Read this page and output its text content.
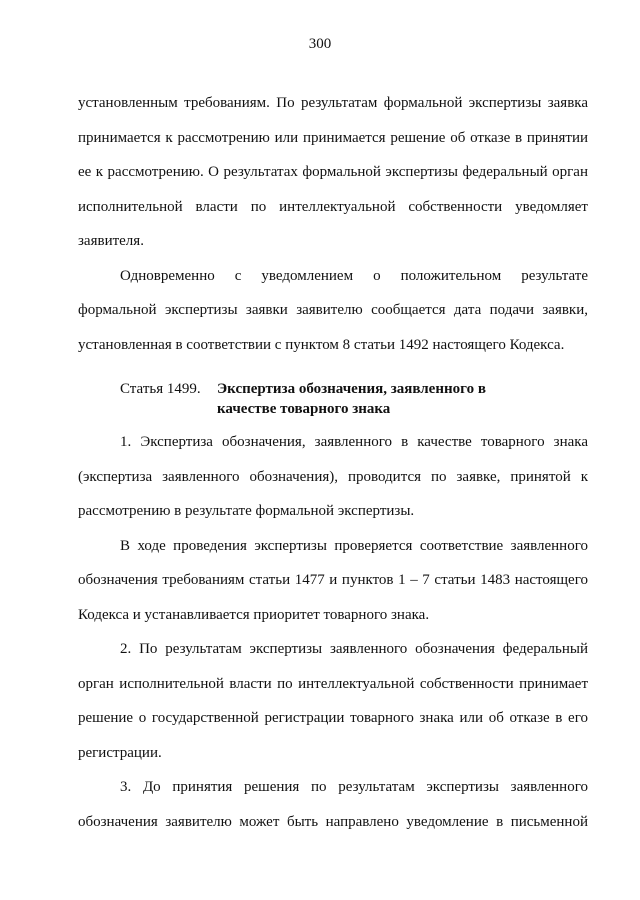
300

установленным требованиям. По результатам формальной экспертизы заявка принимается к рассмотрению или принимается решение об отказе в принятии ее к рассмотрению. О результатах формальной экспертизы федеральный орган исполнительной власти по интеллектуальной собственности уведомляет заявителя.

Одновременно с уведомлением о положительном результате формальной экспертизы заявки заявителю сообщается дата подачи заявки, установленная в соответствии с пунктом 8 статьи 1492 настоящего Кодекса.

Статья 1499.	Экспертиза обозначения, заявленного в качестве товарного знака

1. Экспертиза обозначения, заявленного в качестве товарного знака (экспертиза заявленного обозначения), проводится по заявке, принятой к рассмотрению в результате формальной экспертизы.

В ходе проведения экспертизы проверяется соответствие заявленного обозначения требованиям статьи 1477 и пунктов 1 – 7 статьи 1483 настоящего Кодекса и устанавливается приоритет товарного знака.

2. По результатам экспертизы заявленного обозначения федеральный орган исполнительной власти по интеллектуальной собственности принимает решение о государственной регистрации товарного знака или об отказе в его регистрации.

3. До принятия решения по результатам экспертизы заявленного обозначения заявителю может быть направлено уведомление в письменной
